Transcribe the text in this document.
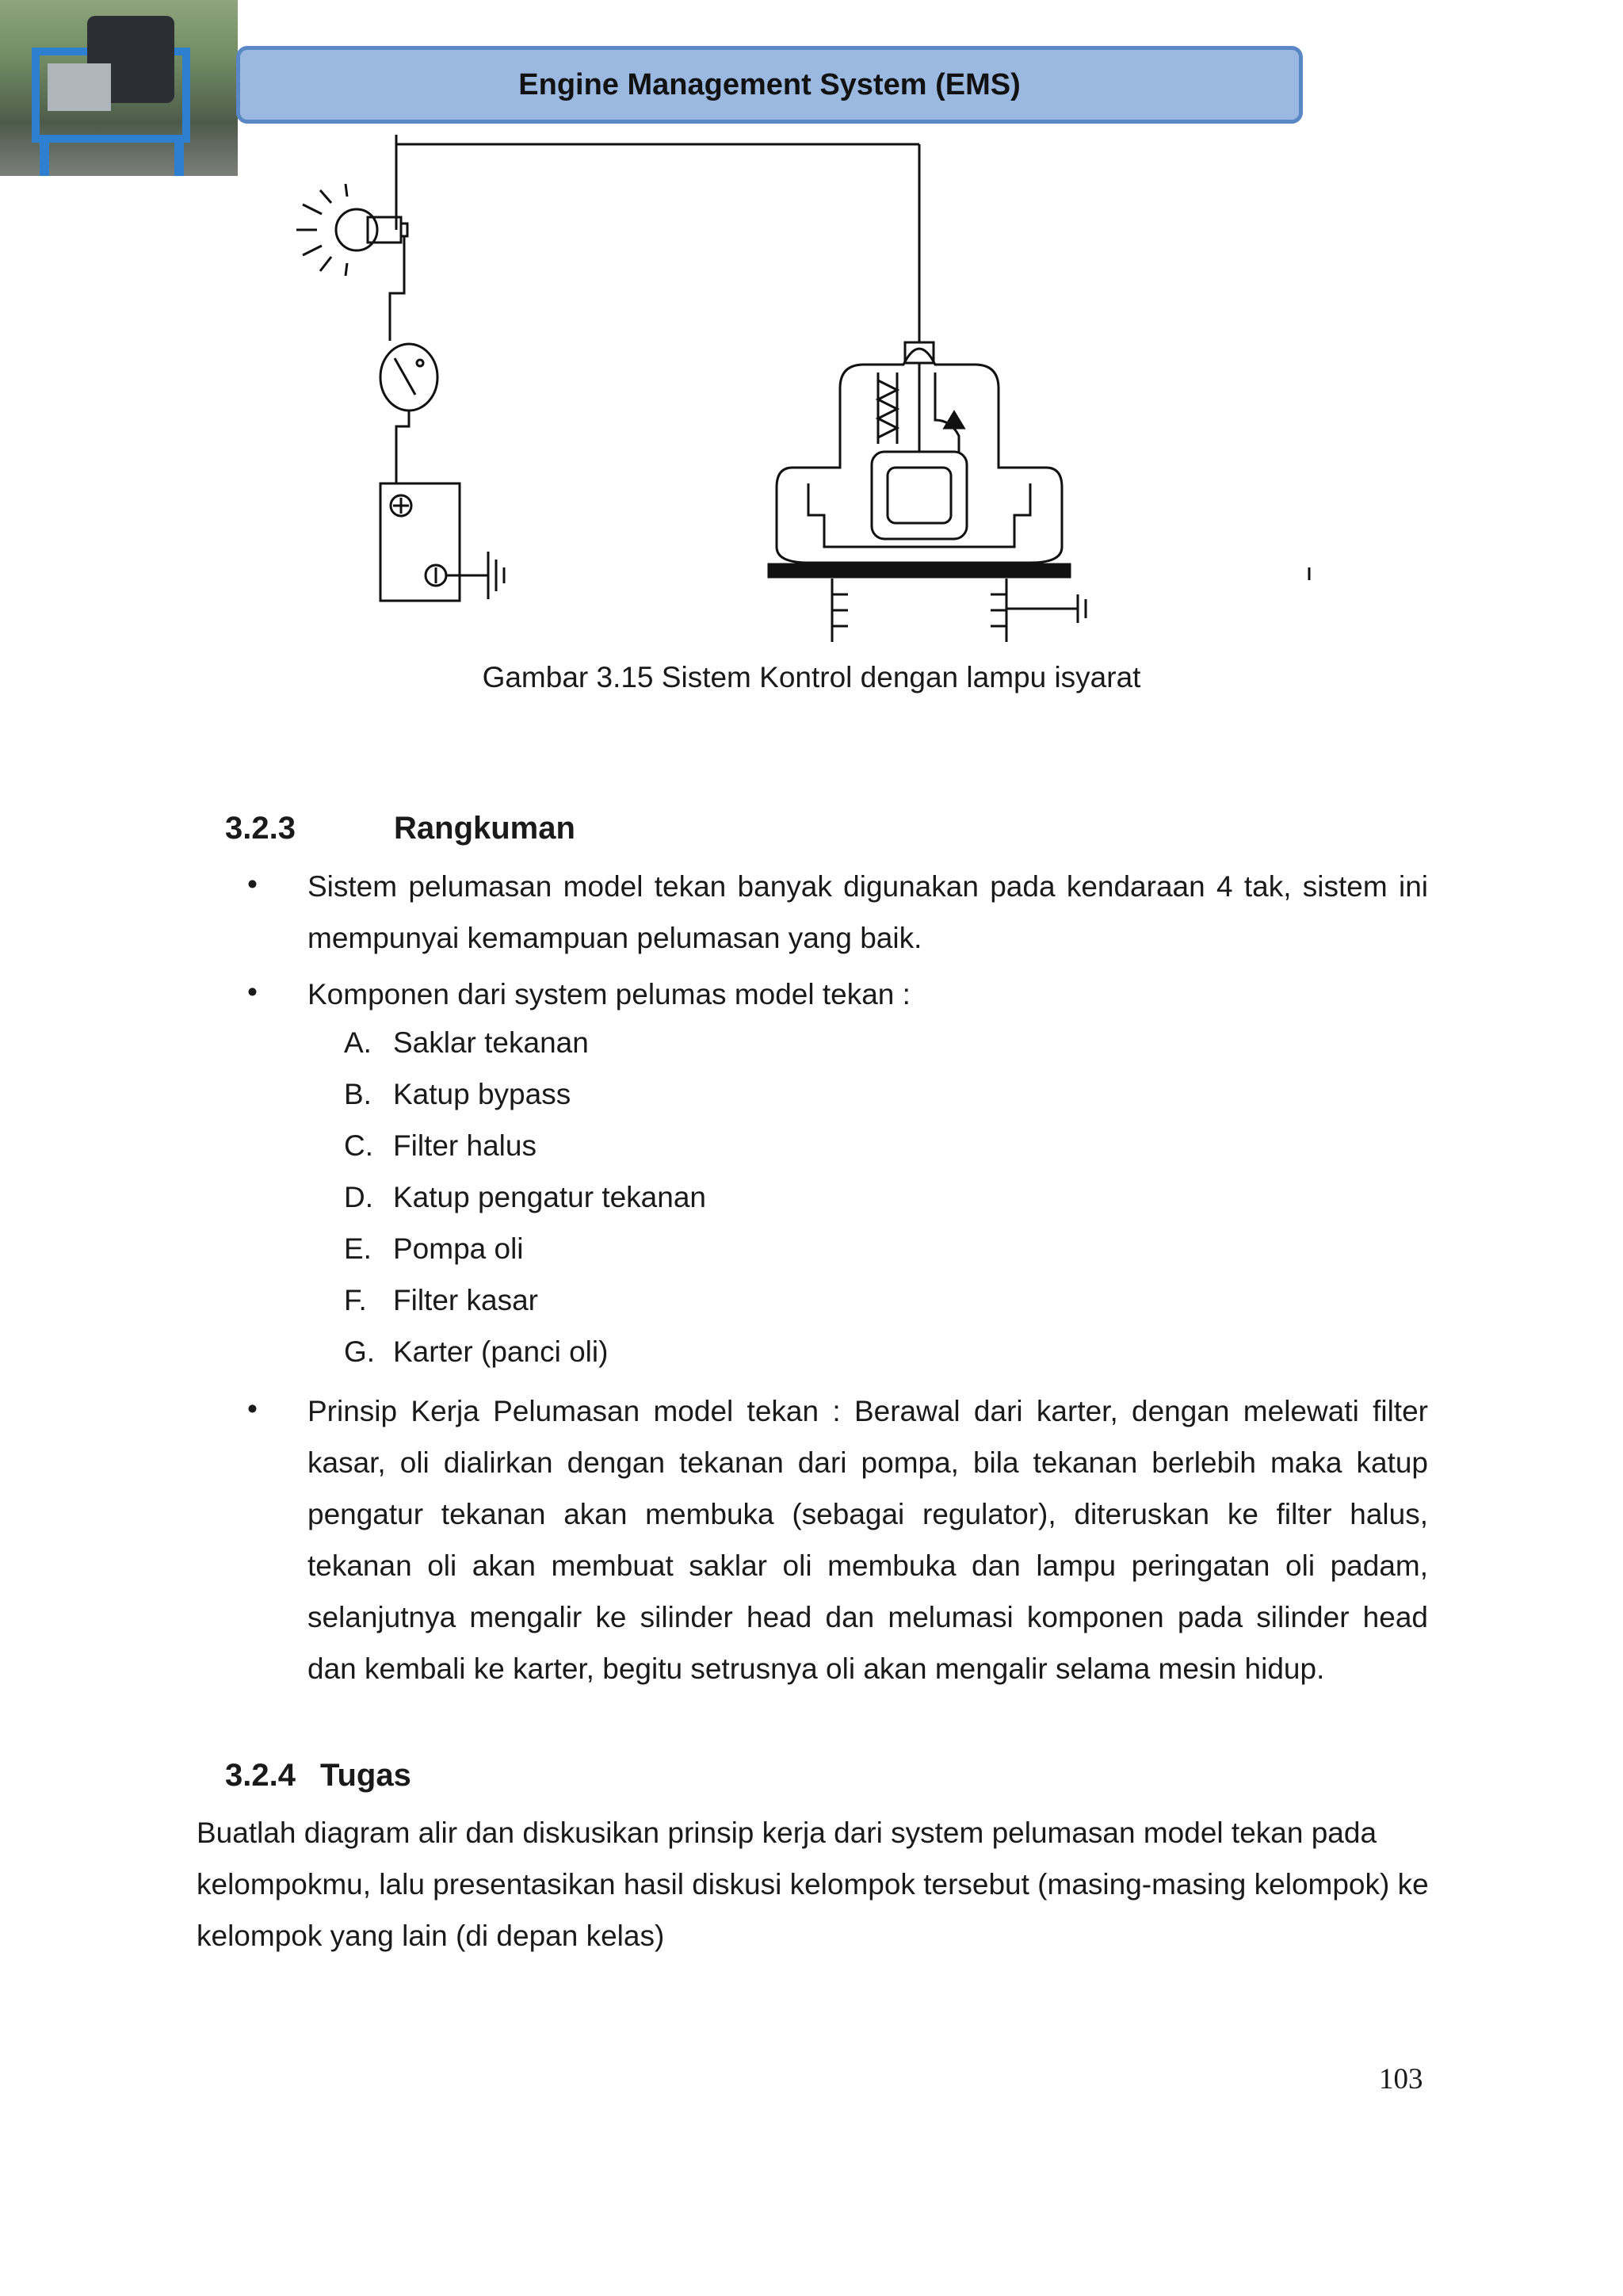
Engine Management System (EMS)
Gambar 3.15 Sistem Kontrol dengan lampu isyarat
3.2.3	Rangkuman
• Sistem pelumasan model tekan banyak digunakan pada kendaraan 4 tak, sistem ini mempunyai kemampuan pelumasan yang baik.
• Komponen dari system pelumas model tekan :
A. Saklar tekanan
B. Katup bypass
C. Filter halus
D. Katup pengatur tekanan
E. Pompa oli
F. Filter kasar
G. Karter (panci oli)
• Prinsip Kerja Pelumasan model tekan : Berawal dari karter, dengan melewati filter kasar, oli dialirkan dengan tekanan dari pompa, bila tekanan berlebih maka katup pengatur tekanan akan membuka (sebagai regulator), diteruskan ke filter halus, tekanan oli akan membuat saklar oli membuka dan lampu peringatan oli padam, selanjutnya mengalir ke silinder head dan melumasi komponen pada silinder head dan kembali ke karter, begitu setrusnya oli akan mengalir selama mesin hidup.
3.2.4 Tugas
Buatlah diagram alir dan diskusikan prinsip kerja dari system pelumasan model tekan pada kelompokmu, lalu presentasikan hasil diskusi kelompok tersebut (masing-masing kelompok) ke kelompok yang lain (di depan kelas)
103
